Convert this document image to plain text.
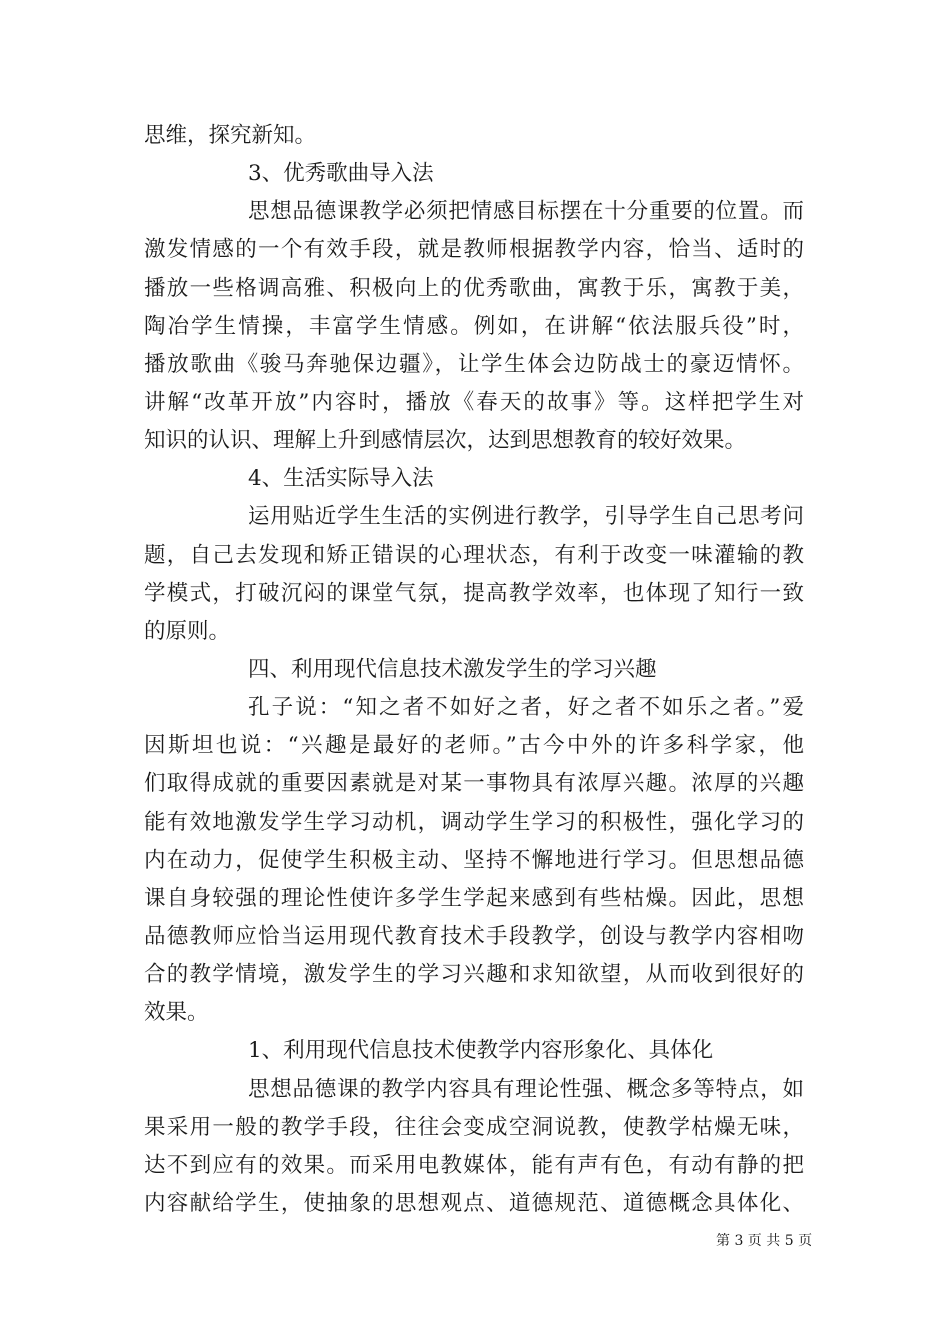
思维，探究新知。
3、优秀歌曲导入法
思想品德课教学必须把情感目标摆在十分重要的位置。而
激发情感的一个有效手段，就是教师根据教学内容，恰当、适时的
播放一些格调高雅、积极向上的优秀歌曲，寓教于乐，寓教于美，
陶冶学生情操，丰富学生情感。例如，在讲解“依法服兵役”时，
播放歌曲《骏马奔驰保边疆》，让学生体会边防战士的豪迈情怀。
讲解“改革开放”内容时，播放《春天的故事》等。这样把学生对
知识的认识、理解上升到感情层次，达到思想教育的较好效果。
4、生活实际导入法
运用贴近学生生活的实例进行教学，引导学生自己思考问
题，自己去发现和矫正错误的心理状态，有利于改变一味灌输的教
学模式，打破沉闷的课堂气氛，提高教学效率，也体现了知行一致
的原则。
四、利用现代信息技术激发学生的学习兴趣
孔子说：“知之者不如好之者，好之者不如乐之者。”爱
因斯坦也说：“兴趣是最好的老师。”古今中外的许多科学家，他
们取得成就的重要因素就是对某一事物具有浓厚兴趣。浓厚的兴趣
能有效地激发学生学习动机，调动学生学习的积极性，强化学习的
内在动力，促使学生积极主动、坚持不懈地进行学习。但思想品德
课自身较强的理论性使许多学生学起来感到有些枯燥。因此，思想
品德教师应恰当运用现代教育技术手段教学，创设与教学内容相吻
合的教学情境，激发学生的学习兴趣和求知欲望，从而收到很好的
效果。
1、利用现代信息技术使教学内容形象化、具体化
思想品德课的教学内容具有理论性强、概念多等特点，如
果采用一般的教学手段，往往会变成空洞说教，使教学枯燥无味，
达不到应有的效果。而采用电教媒体，能有声有色，有动有静的把
内容献给学生，使抽象的思想观点、道德规范、道德概念具体化、
第 3 页 共 5 页
